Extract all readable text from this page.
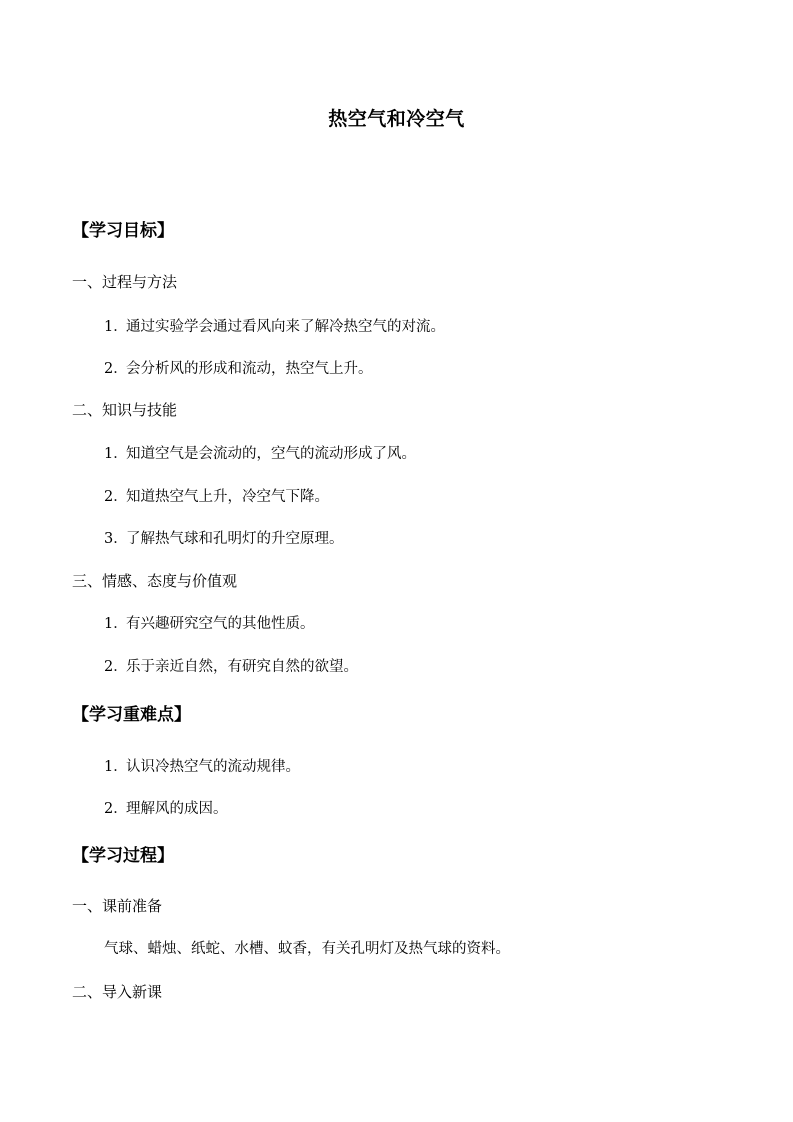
热空气和冷空气
【学习目标】
一、过程与方法
1．通过实验学会通过看风向来了解冷热空气的对流。
2．会分析风的形成和流动，热空气上升。
二、知识与技能
1．知道空气是会流动的，空气的流动形成了风。
2．知道热空气上升，冷空气下降。
3．了解热气球和孔明灯的升空原理。
三、情感、态度与价值观
1．有兴趣研究空气的其他性质。
2．乐于亲近自然，有研究自然的欲望。
【学习重难点】
1．认识冷热空气的流动规律。
2．理解风的成因。
【学习过程】
一、课前准备
气球、蜡烛、纸蛇、水槽、蚊香，有关孔明灯及热气球的资料。
二、导入新课
